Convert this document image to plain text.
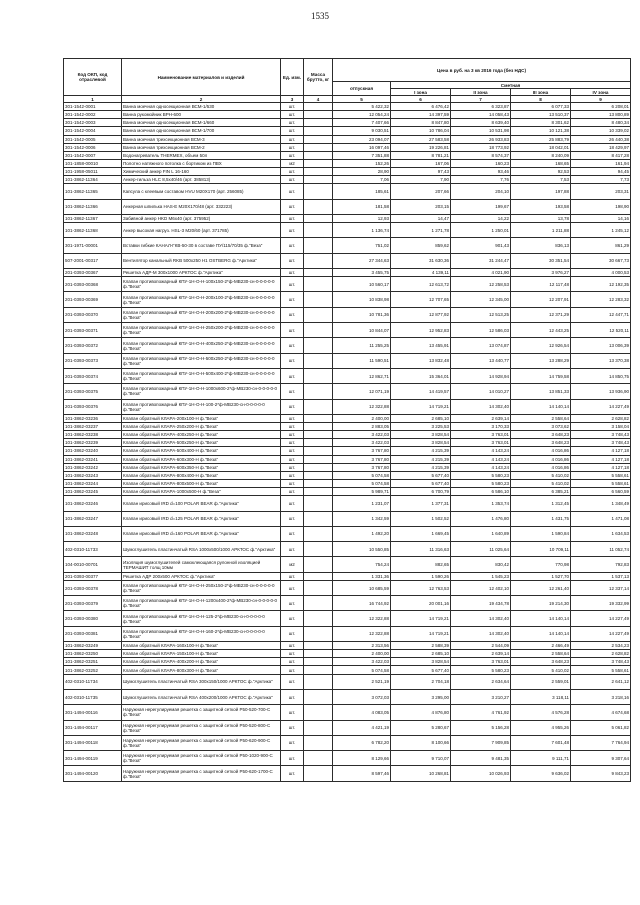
1535
Код ОКП, код отраслевой	Наименование материалов и изделий	Ед. изм.	Масса брутто, кг	Цена в руб. на 3 кв 2016 года (без НДС)				
				отпускная	Сметная			
					I зона	II зона	III зона	IV зона
1	2	3	4	5	6	7	8	9
301-1542-0001	Ванна моечная односекционная ВСМ-1/530	шт.		5 422,32	6 476,42	6 323,87	6 077,33	6 208,01
301-1542-0002	Ванна рукомойник ВРН-600	шт.		12 054,24	14 397,59	14 058,43	13 510,37	13 800,89
301-1542-0003	Ванна моечная односекционная ВСМ-1/660	шт.		7 407,66	8 847,80	8 639,40	8 301,62	8 480,34
301-1542-0004	Ванна моечная односекционная ВСМ-1/700	шт.		9 030,51	10 786,04	10 531,98	10 121,38	10 339,02
301-1542-0005	Ванна моечная трехсекционная ВСМ-3	шт.		23 094,07	27 583,58	26 933,83	25 883,79	26 440,38
301-1542-0006	Ванна моечная трехсекционная ВСМ-2	шт.		16 097,46	19 226,81	18 773,92	18 042,01	18 429,97
301-1542-0007	Водонагреватель THERMEX, объем 50л	шт.		7 351,88	8 781,21	8 574,37	8 240,09	8 417,28
101-1858-00010	Полотно натяжного потолка с бортиком из ПВХ	м2		152,26	167,06	160,23	168,65	161,94
101-1958-05011	Химический анкер FIN L 16-160	шт.		28,90	97,43	93,46	92,53	94,45
101-3862-11364	Анкер-гильза HLC 8,5х40/46 (арт. 385813)	шт.		7,06	7,90	7,76	7,53	7,73
101-3862-11365	Капсула с клеевым составом HVU M20X170 (арт. 256085)	шт.		185,61	207,66	204,10	197,88	203,31
101-3862-11366	Анкерная шпилька HAS-E M20X170/48 (арт. 332223)	шт.		181,58	203,15	199,67	193,58	198,90
101-3862-11367	Забивной анкер HKD M6х40 (арт. 375952)	шт.		12,93	14,47	14,22	13,78	14,16
101-3862-11368	Анкер высокая нагруз. HSL-3 M20/60 (арт. 371785)	шт.		1 136,74	1 271,78	1 250,01	1 211,88	1 245,12
301-1971-00001	Вставки гибкие КАНАЛ-ГКВ-50-30 в составе ПУ/115/70/35 ф."Веза"	шт.		751,02	859,62	901,43	836,13	861,29
507-2001-00317	Вентилятор канальный RKB 500x250 H1 OSTBERG ф."Арктика"	шт.		27 344,63	31 630,36	31 244,47	30 351,54	30 667,73
201-0393-00367	Решетка АДР-М 300x1000 АРКТОС ф."Арктика"	шт.		3 455,75	4 139,11	4 021,90	3 976,27	4 000,53
201-0393-00368	Клапан противопожарный КПУ-1Н-О-Н-100x150-2*ф-МВ230-сн-0-0-0-0-0 ф."Веза"	шт.		10 560,17	12 613,72	12 258,53	12 117,48	12 192,35
201-0393-00369	Клапан противопожарный КПУ-1Н-О-Н-200x100-2*ф-МВ230-сн-0-0-0-0-0 ф."Веза"	шт.		10 838,98	12 707,65	12 345,00	12 207,91	12 283,32
201-0393-00370	Клапан противопожарный КПУ-1Н-О-Н-200x200-2*ф-МВ230-сн-0-0-0-0-0 ф."Веза"	шт.		10 781,36	12 877,92	12 513,25	12 371,29	12 447,71
201-0393-00371	Клапан противопожарный КПУ-1Н-О-Н-250x200-2*ф-МВ230-сн-0-0-0-0-0 ф."Веза"	шт.		10 844,07	12 952,83	12 586,03	12 443,25	12 520,11
201-0393-00372	Клапан противопожарный КПУ-1Н-О-Н-400x250-2*ф-МВ230-сн-0-0-0-0-0 ф."Веза"	шт.		11 255,25	13 455,91	13 074,87	12 926,54	13 006,39
201-0393-00373	Клапан противопожарный КПУ-1Н-О-Н-500x250-2*ф-МВ230-сн-0-0-0-0-0 ф."Веза"	шт.		11 590,51	13 832,48	13 440,77	13 288,29	13 370,38
201-0393-00374	Клапан противопожарный КПУ-1Н-О-Н-500x400-2*ф-МВ230-сн-0-0-0-0-0 ф."Веза"	шт.		12 862,71	15 364,01	14 928,94	14 759,58	14 850,75
201-0393-00375	Клапан противопожарный КПУ-1Н-О-Н-1000x600-2*ф-МВ230-сн-0-0-0-0-0 ф."Веза"	шт.		12 071,19	14 419,57	14 010,27	13 851,33	13 936,90
201-0393-00376	Клапан противопожарный КПУ-1Н-О-Н-100-2*ф-МВ230-сн-0-0-0-0-0 ф."Веза"	шт.		12 322,88	14 719,21	14 302,40	14 140,14	14 227,49
101-3862-03236	Клапан обратный КЛАРА-200x100-Н ф."Веза"	шт.		2 400,00	2 685,10	2 639,14	2 558,64	2 628,82
101-3862-03237	Клапан обратный КЛАРА-250x200-Н ф."Веза"	шт.		2 883,05	3 225,53	3 170,33	3 073,62	3 158,04
101-3862-03238	Клапан обратный КЛАРА-400x250-Н ф."Веза"	шт.		3 422,03	3 828,54	3 763,01	3 648,23	3 748,43
101-3862-03239	Клапан обратный КЛАРА-500x250-Н ф."Веза"	шт.		3 422,03	3 828,54	3 763,01	3 648,23	3 748,43
101-3862-03240	Клапан обратный КЛАРА-500x400-Н ф."Веза"	шт.		3 767,80	4 215,39	4 143,24	4 016,86	4 127,18
101-3862-03241	Клапан обратный КЛАРА-600x300-Н ф."Веза"	шт.		3 767,80	4 215,39	4 143,24	4 016,86	4 127,18
101-3862-03242	Клапан обратный КЛАРА-600x350-Н ф."Веза"	шт.		3 767,80	4 215,39	4 143,24	4 016,86	4 127,18
101-3862-03243	Клапан обратный КЛАРА-800x400-Н ф."Веза"	шт.		5 074,58	5 677,40	5 580,23	5 410,02	5 558,61
101-3862-03244	Клапан обратный КЛАРА-800x500-Н ф."Веза"	шт.		5 074,58	5 677,40	5 580,23	5 410,02	5 558,61
101-3862-03245	Клапан обратный КЛАРА-1000x500-Н ф."Веза"	шт.		5 989,71	6 700,79	6 586,10	6 385,21	6 560,59
101-3862-03246	Клапан ирисовый IRD d=100 POLAR BEAR ф."Арктика"	шт.		1 231,07	1 377,31	1 353,74	1 312,45	1 348,49
101-3862-03247	Клапан ирисовый IRD d=125 POLAR BEAR ф."Арктика"	шт.		1 342,59	1 502,52	1 476,80	1 431,75	1 471,08
101-3862-03248	Клапан ирисовый IRD d=160 POLAR BEAR ф."Арктика"	шт.		1 492,20	1 669,45	1 640,89	1 590,84	1 634,53
402-0310-11733	Шумоглушитель пластинчатый RSA 1000x500/1000 АРКТОС ф."Арктика"	шт.		10 550,85	11 316,63	11 025,64	10 709,11	11 052,74
104-0010-00701	Изоляция шумоглушителей самоклеющаяся рулонной изоляцией ТЕРМАШИТ толщ 10мм	м2		754,24	882,65	830,42	770,98	792,83
201-0393-00377	Решетка АДР 200x500 АРКТОС ф."Арктика"	шт.		1 331,36	1 590,26	1 545,23	1 527,70	1 537,13
201-0393-00378	Клапан противопожарный КПУ-1Н-О-Н-250x150-2*ф-МВ230-сн-0-0-0-0-0 ф."Веза"	шт.		10 685,59	12 763,53	12 402,10	12 261,40	12 337,14
201-0393-00379	Клапан противопожарный КПУ-1Н-О-Н-1200x400-2*ф-МВ230-сн-0-0-0-0-0 ф."Веза"	шт.		16 744,92	20 001,16	19 434,78	19 214,30	19 332,99
201-0393-00380	Клапан противопожарный КПУ-1Н-О-Н-125-2*ф-МВ230-сн-0-0-0-0-0 ф."Веза"	шт.		12 322,88	14 719,21	14 302,40	14 140,14	14 227,49
201-0393-00381	Клапан противопожарный КПУ-1Н-О-Н-160-2*ф-МВ230-сн-0-0-0-0-0 ф."Веза"	шт.		12 322,88	14 719,21	14 302,40	14 140,14	14 227,49
101-3862-03249	Клапан обратный КЛАРА-160x100-Н ф."Веза"	шт.		2 313,56	2 588,39	2 544,09	2 466,49	2 534,23
101-3862-03250	Клапан обратный КЛАРА-150x100-Н ф."Веза"	шт.		2 400,00	2 685,10	2 639,14	2 558,64	2 628,82
101-3862-03251	Клапан обратный КЛАРА-400x200-Н ф."Веза"	шт.		3 422,03	3 828,54	3 763,01	3 648,23	3 748,43
101-3862-03252	Клапан обратный КЛАРА-800x300-Н ф."Веза"	шт.		5 074,58	5 677,40	5 580,23	5 410,02	5 558,61
402-0310-11734	Шумоглушитель пластинчатый RSA 300x150/1000 АРКТОС ф."Арктика"	шт.		2 521,19	2 704,18	2 634,64	2 559,01	2 641,12
402-0310-11735	Шумоглушитель пластинчатый RSA 400x200/1000 АРКТОС ф."Арктика"	шт.		3 072,03	3 295,00	3 210,27	3 118,11	3 218,16
301-1494-00116	Наружная нерегулируемая решетка с защитной сеткой Р50-520-700-С ф."Веза"	шт.		4 083,05	4 876,80	4 761,92	4 576,28	4 674,68
301-1494-00117	Наружная нерегулируемая решетка с защитной сеткой Р50-520-800-С ф."Веза"	шт.		4 421,19	5 280,67	5 156,28	4 955,26	5 061,82
301-1494-00118	Наружная нерегулируемая решетка с защитной сеткой Р50-620-900-С ф."Веза"	шт.		6 782,20	8 100,66	7 909,85	7 601,48	7 764,94
301-1494-00119	Наружная нерегулируемая решетка с защитной сеткой Р50-1020-900-С ф."Веза"	шт.		8 129,66	9 710,07	9 481,35	9 111,71	9 307,64
301-1494-00120	Наружная нерегулируемая решетка с защитной сеткой Р50-620-1700-С ф."Веза"	шт.		8 597,46	10 268,81	10 026,93	9 636,02	9 843,23
